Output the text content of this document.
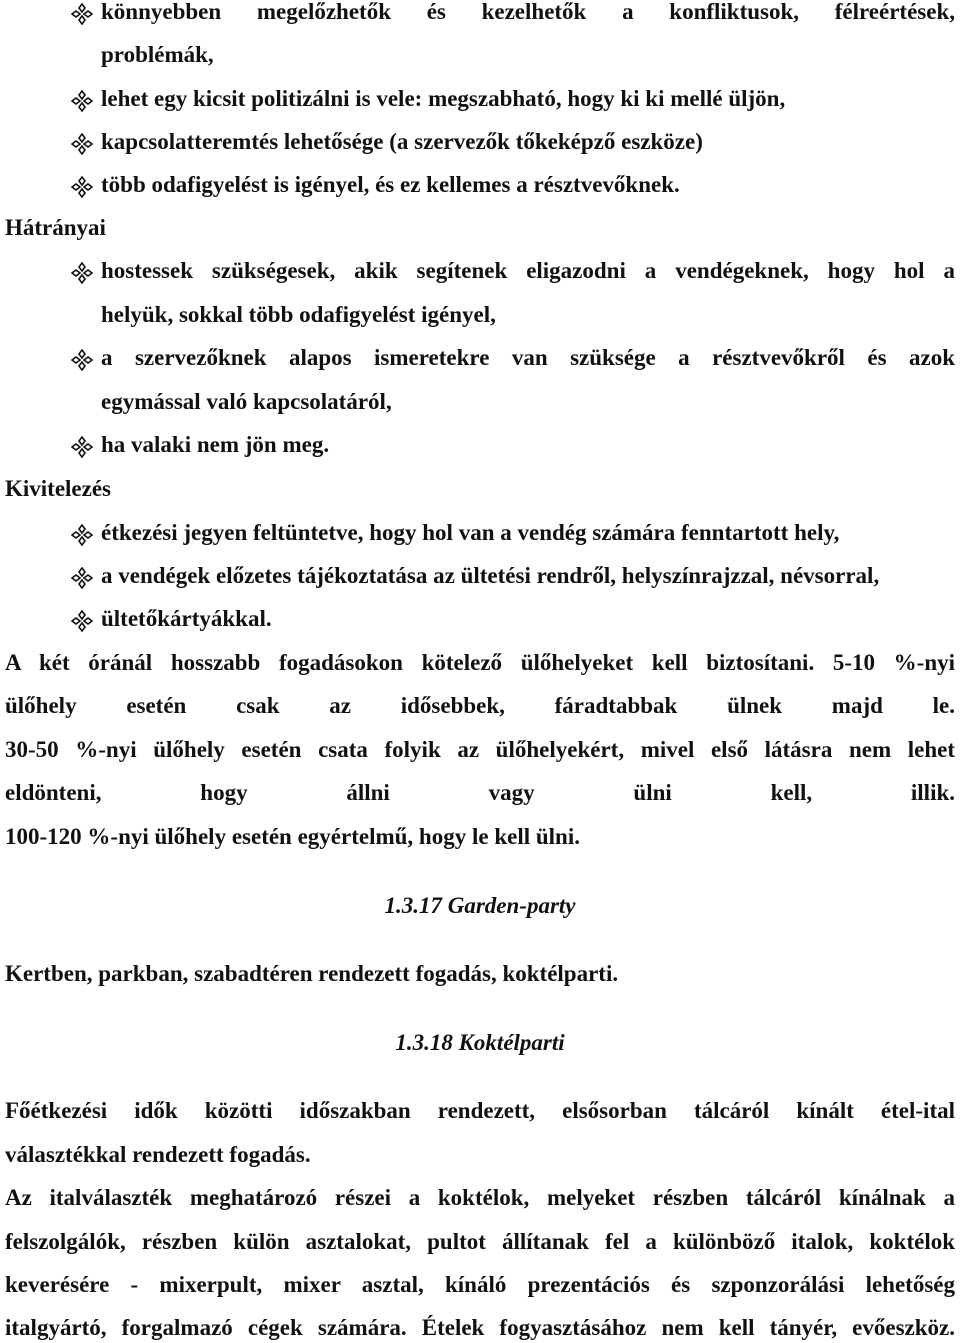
könnyebben megelőzhetők és kezelhetők a konfliktusok, félreértések,
problémák,
lehet egy kicsit politizálni is vele: megszabható, hogy ki ki mellé üljön,
kapcsolatteremtés lehetősége (a szervezők tőkeképző eszköze)
több odafigyelést is igényel, és ez kellemes a résztvevőknek.
Hátrányai
hostessek szükségesek, akik segítenek eligazodni a vendégeknek, hogy hol a
helyük, sokkal több odafigyelést igényel,
a szervezőknek alapos ismeretekre van szüksége a résztvevőkről és azok
egymással való kapcsolatáról,
ha valaki nem jön meg.
Kivitelezés
étkezési jegyen feltüntetve, hogy hol van a vendég számára fenntartott hely,
a vendégek előzetes tájékoztatása az ültetési rendről, helyszínrajzzal, névsorral,
ültetőkártyákkal.
A két óránál hosszabb fogadásokon kötelező ülőhelyeket kell biztosítani. 5-10 %-nyi
ülőhely esetén csak az idősebbek, fáradtabbak ülnek majd le.
30-50 %-nyi ülőhely esetén csata folyik az ülőhelyekért, mivel első látásra nem lehet
eldönteni, hogy állni vagy ülni kell, illik.
100-120 %-nyi ülőhely esetén egyértelmű, hogy le kell ülni.
1.3.17 Garden-party
Kertben, parkban, szabadtéren rendezett fogadás, koktélparti.
1.3.18 Koktélparti
Főétkezési idők közötti időszakban rendezett, elsősorban tálcáról kínált étel-ital
választékkal rendezett fogadás.
Az italválaszték meghatározó részei a koktélok, melyeket részben tálcáról kínálnak a
felszolgálók, részben külön asztalokat, pultot állítanak fel a különböző italok, koktélok
keverésére - mixerpult, mixer asztal, kínáló prezentációs és szponzorálási lehetőség
italgyártó, forgalmazó cégek számára. Ételek fogyasztásához nem kell tányér, evőeszköz.
